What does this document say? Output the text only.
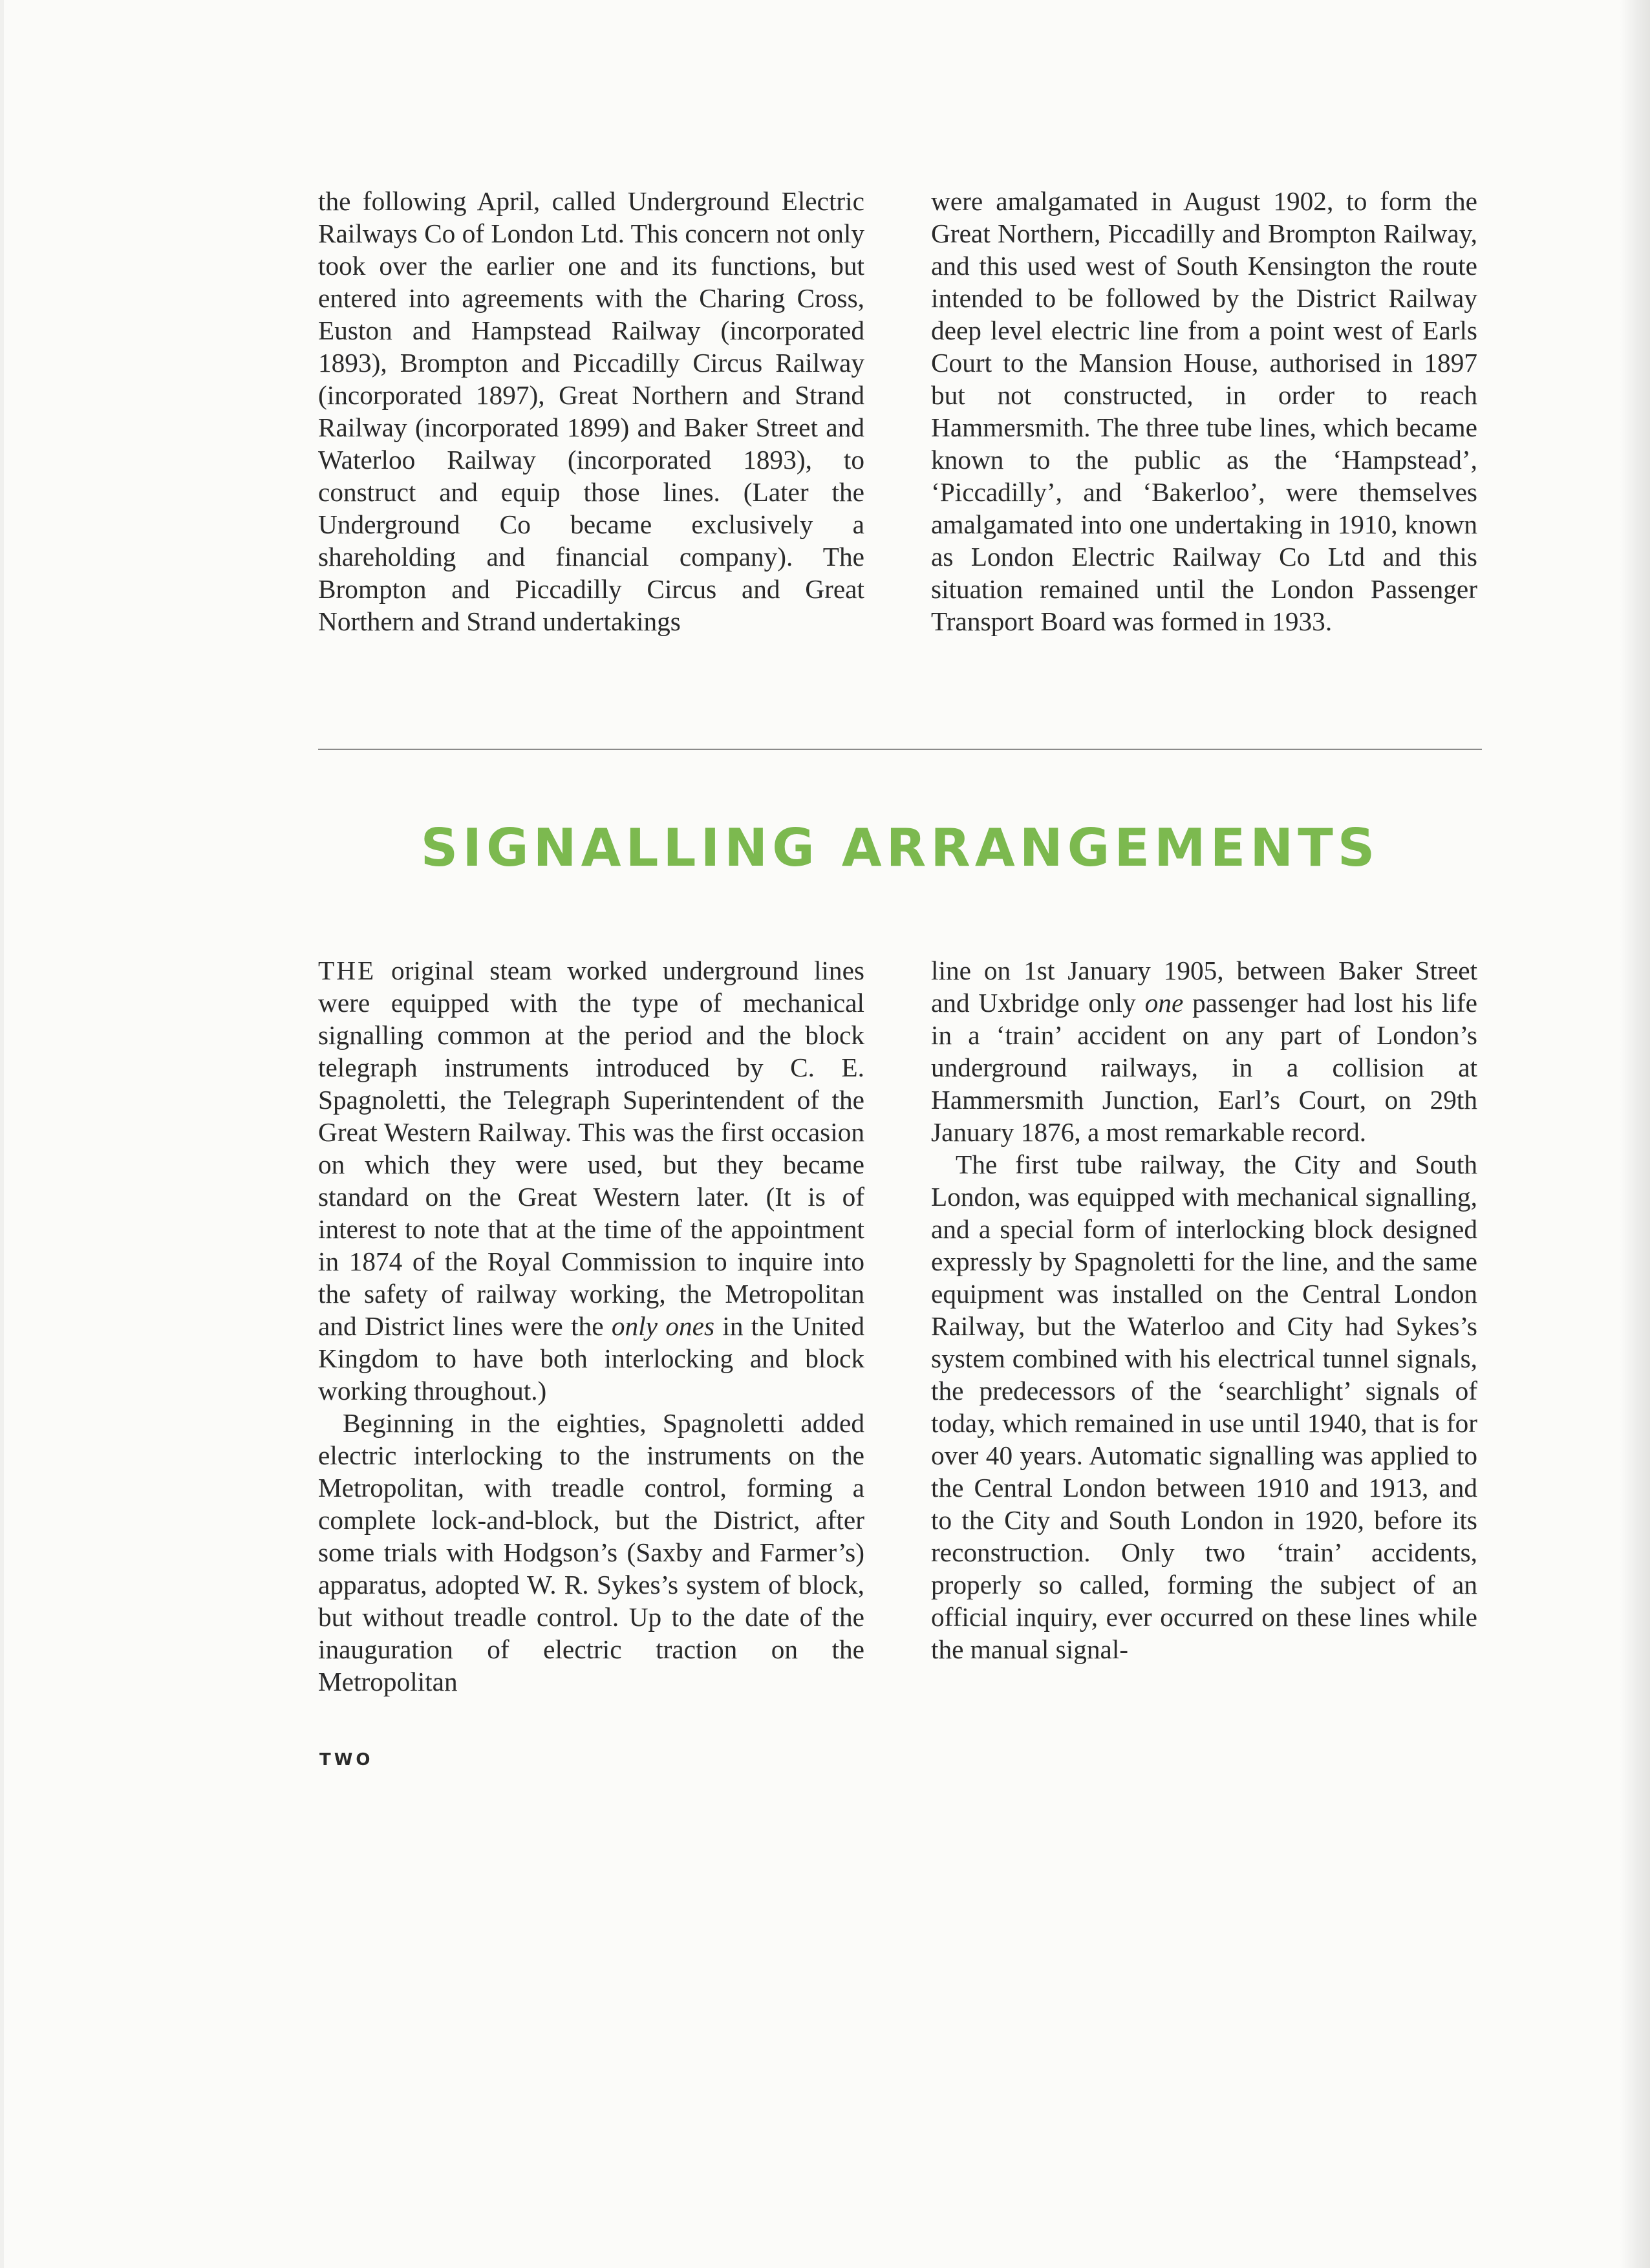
the following April, called Underground Electric Railways Co of London Ltd. This concern not only took over the earlier one and its functions, but entered into agreements with the Charing Cross, Euston and Hampstead Railway (incorporated 1893), Brompton and Piccadilly Circus Railway (incorporated 1897), Great Northern and Strand Railway (incorporated 1899) and Baker Street and Waterloo Railway (incorporated 1893), to construct and equip those lines. (Later the Underground Co became exclusively a shareholding and financial company). The Brompton and Piccadilly Circus and Great Northern and Strand undertakings

were amalgamated in August 1902, to form the Great Northern, Piccadilly and Brompton Railway, and this used west of South Kensington the route intended to be followed by the District Railway deep level electric line from a point west of Earls Court to the Mansion House, authorised in 1897 but not constructed, in order to reach Hammersmith. The three tube lines, which became known to the public as the ‘Hampstead’, ‘Piccadilly’, and ‘Bakerloo’, were themselves amalgamated into one undertaking in 1910, known as London Electric Railway Co Ltd and this situation remained until the London Passenger Transport Board was formed in 1933.

SIGNALLING ARRANGEMENTS

THE original steam worked underground lines were equipped with the type of mechanical signalling common at the period and the block telegraph instruments introduced by C. E. Spagnoletti, the Telegraph Superintendent of the Great Western Railway. This was the first occasion on which they were used, but they became standard on the Great Western later. (It is of interest to note that at the time of the appointment in 1874 of the Royal Commission to inquire into the safety of railway working, the Metropolitan and District lines were the only ones in the United Kingdom to have both interlocking and block working throughout.)

Beginning in the eighties, Spagnoletti added electric interlocking to the instruments on the Metropolitan, with treadle control, forming a complete lock-and-block, but the District, after some trials with Hodgson’s (Saxby and Farmer’s) apparatus, adopted W. R. Sykes’s system of block, but without treadle control. Up to the date of the inauguration of electric traction on the Metropolitan

line on 1st January 1905, between Baker Street and Uxbridge only one passenger had lost his life in a ‘train’ accident on any part of London’s underground railways, in a collision at Hammersmith Junction, Earl’s Court, on 29th January 1876, a most remarkable record.

The first tube railway, the City and South London, was equipped with mechanical signalling, and a special form of interlocking block designed expressly by Spagnoletti for the line, and the same equipment was installed on the Central London Railway, but the Waterloo and City had Sykes’s system combined with his electrical tunnel signals, the predecessors of the ‘searchlight’ signals of today, which remained in use until 1940, that is for over 40 years. Automatic signalling was applied to the Central London between 1910 and 1913, and to the City and South London in 1920, before its reconstruction. Only two ‘train’ accidents, properly so called, forming the subject of an official inquiry, ever occurred on these lines while the manual signal-

TWO
